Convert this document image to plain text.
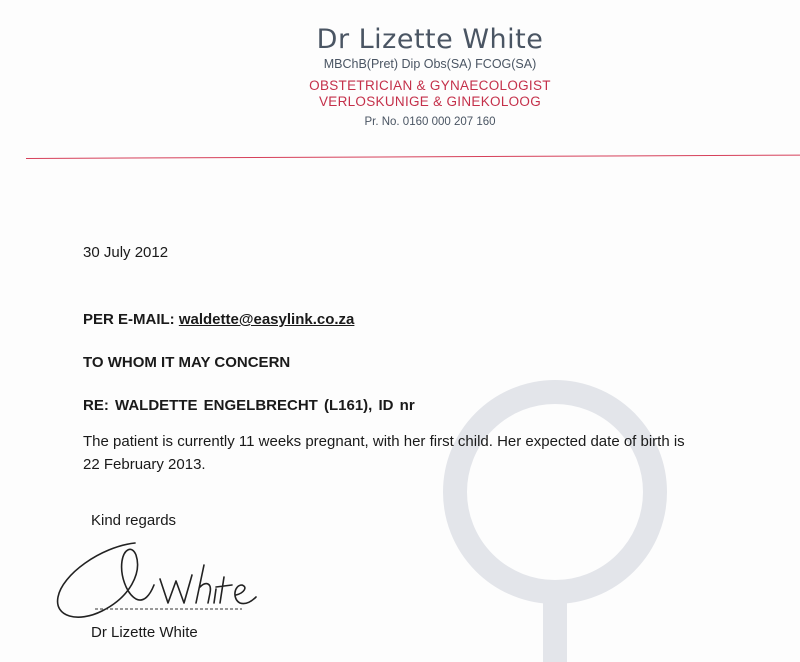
Dr Lizette White
MBChB(Pret) Dip Obs(SA) FCOG(SA)
OBSTETRICIAN & GYNAECOLOGIST
VERLOSKUNIGE & GINEKOLOOG
Pr. No. 0160 000 207 160
30 July 2012
PER E-MAIL: waldette@easylink.co.za
TO WHOM IT MAY CONCERN
RE: WALDETTE ENGELBRECHT (L161), ID nr
The patient is currently 11 weeks pregnant, with her first child. Her expected date of birth is
22 February 2013.
Kind regards
Dr Lizette White
